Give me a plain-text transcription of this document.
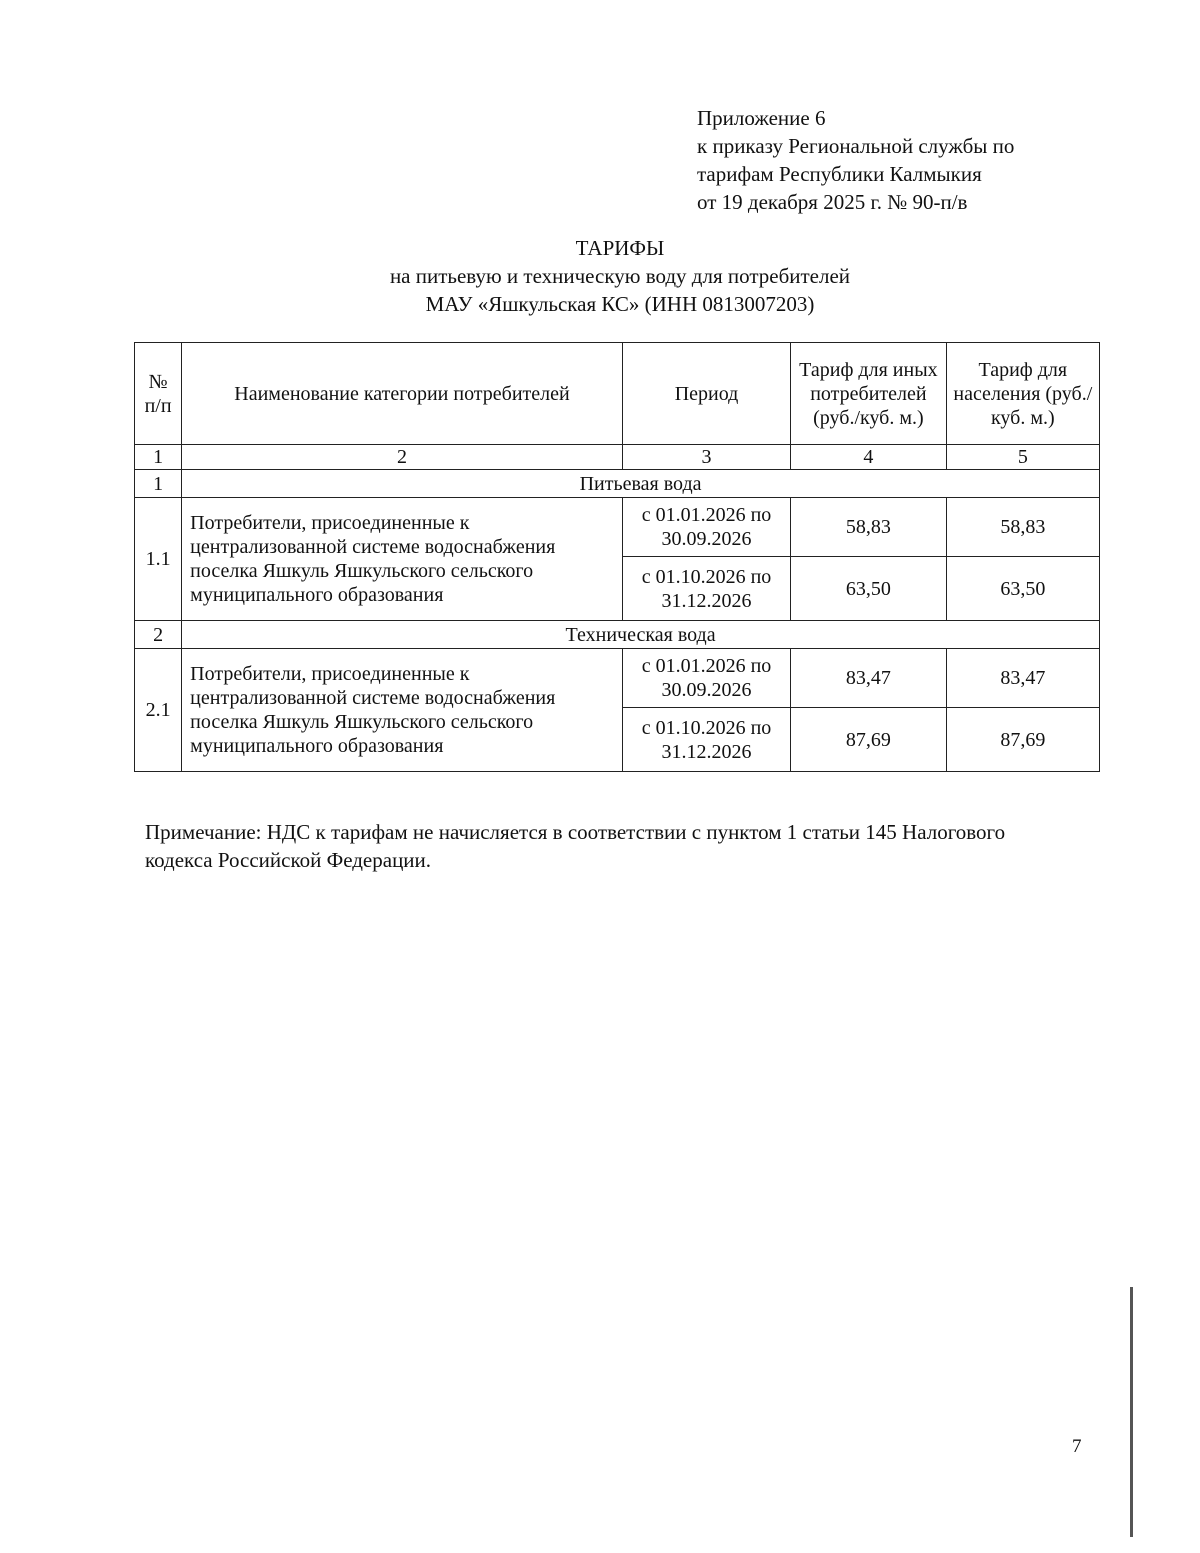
Приложение 6
к приказу Региональной службы по
тарифам Республики Калмыкия
от 19 декабря 2025 г. № 90-п/в
ТАРИФЫ
на питьевую и техническую воду для потребителей
МАУ «Яшкульская КС» (ИНН 0813007203)
№ п/п	Наименование категории потребителей	Период	Тариф для иных потребителей (руб./куб. м.)	Тариф для населения (руб./куб. м.)
1	2	3	4	5
1	Питьевая вода			
1.1	Потребители, присоединенные к централизованной системе водоснабжения поселка Яшкуль Яшкульского сельского муниципального образования	с 01.01.2026 по 30.09.2026	58,83	58,83
		с 01.10.2026 по 31.12.2026	63,50	63,50
2	Техническая вода			
2.1	Потребители, присоединенные к централизованной системе водоснабжения поселка Яшкуль Яшкульского сельского муниципального образования	с 01.01.2026 по 30.09.2026	83,47	83,47
		с 01.10.2026 по 31.12.2026	87,69	87,69
Примечание: НДС к тарифам не начисляется в соответствии с пунктом 1 статьи 145 Налогового кодекса Российской Федерации.
7
